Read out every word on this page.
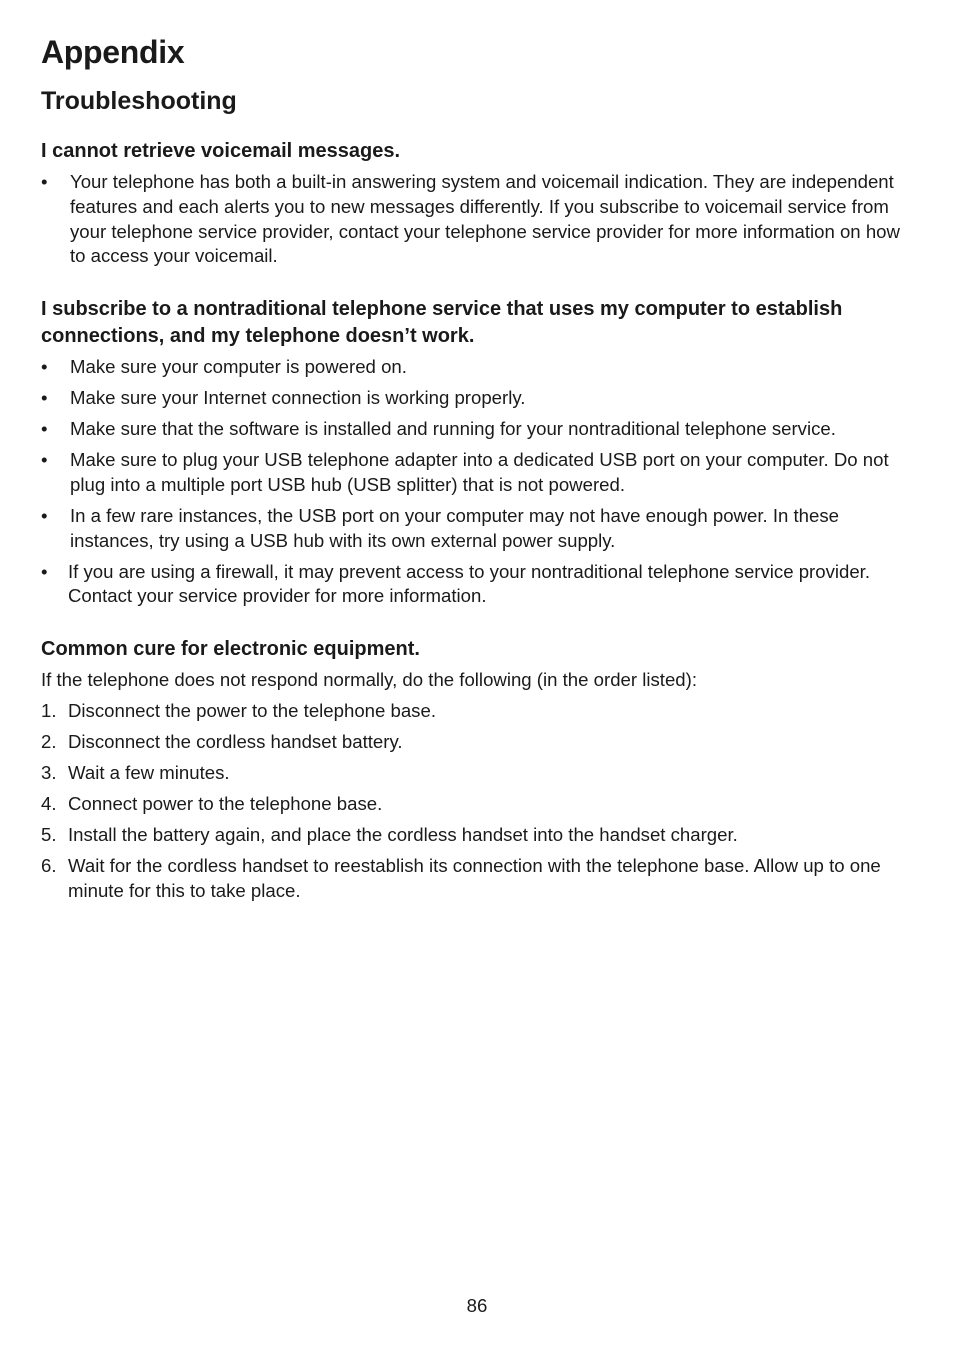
Appendix
Troubleshooting

I cannot retrieve voicemail messages.

• Your telephone has both a built-in answering system and voicemail indication. They are independent features and each alerts you to new messages differently. If you subscribe to voicemail service from your telephone service provider, contact your telephone service provider for more information on how to access your voicemail.

I subscribe to a nontraditional telephone service that uses my computer to establish connections, and my telephone doesn’t work.

• Make sure your computer is powered on.
• Make sure your Internet connection is working properly.
• Make sure that the software is installed and running for your nontraditional telephone service.
• Make sure to plug your USB telephone adapter into a dedicated USB port on your computer. Do not plug into a multiple port USB hub (USB splitter) that is not powered.
• In a few rare instances, the USB port on your computer may not have enough power. In these instances, try using a USB hub with its own external power supply.
• If you are using a firewall, it may prevent access to your nontraditional telephone service provider. Contact your service provider for more information.

Common cure for electronic equipment.

If the telephone does not respond normally, do the following (in the order listed):

1. Disconnect the power to the telephone base.
2. Disconnect the cordless handset battery.
3. Wait a few minutes.
4. Connect power to the telephone base.
5. Install the battery again, and place the cordless handset into the handset charger.
6. Wait for the cordless handset to reestablish its connection with the telephone base. Allow up to one minute for this to take place.
86
